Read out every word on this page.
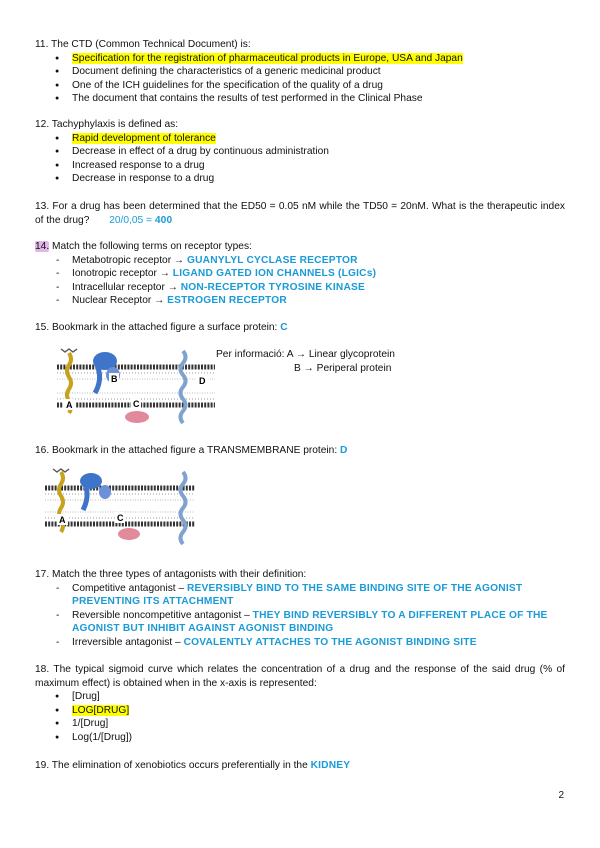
11. The CTD (Common Technical Document) is:

● Specification for the registration of pharmaceutical products in Europe, USA and Japan
● Document defining the characteristics of a generic medicinal product
● One of the ICH guidelines for the specification of the quality of a drug
● The document that contains the results of test performed in the Clinical Phase

12. Tachyphylaxis is defined as:

● Rapid development of tolerance
● Decrease in effect of a drug by continuous administration
● Increased response to a drug
● Decrease in response to a drug

13. For a drug has been determined that the ED50 = 0.05 nM while the TD50 = 20nM. What is the therapeutic index of the drug? 20/0,05 = 400

14. Match the following terms on receptor types:

- Metabotropic receptor → GUANYLYL CYCLASE RECEPTOR
- Ionotropic receptor → LIGAND GATED ION CHANNELS (LGICs)
- Intracellular receptor → NON-RECEPTOR TYROSINE KINASE
- Nuclear Receptor → ESTROGEN RECEPTOR

15. Bookmark in the attached figure a surface protein: C

Per informació: A → Linear glycoprotein
B → Periperal protein
A
B
C
D

16. Bookmark in the attached figure a TRANSMEMBRANE protein: D

A	C

17. Match the three types of antagonists with their definition:

- Competitive antagonist – REVERSIBLY BIND TO THE SAME BINDING SITE OF THE AGONIST PREVENTING ITS ATTACHMENT
- Reversible noncompetitive antagonist – THEY BIND REVERSIBLY TO A DIFFERENT PLACE OF THE AGONIST BUT INHIBIT AGAINST AGONIST BINDING
- Irreversible antagonist – COVALENTLY ATTACHES TO THE AGONIST BINDING SITE

18. The typical sigmoid curve which relates the concentration of a drug and the response of the said drug (% of maximum effect) is obtained when in the x-axis is represented:

● [Drug]
● LOG[DRUG]
● 1/[Drug]
● Log(1/[Drug])

19. The elimination of xenobiotics occurs preferentially in the KIDNEY

2
